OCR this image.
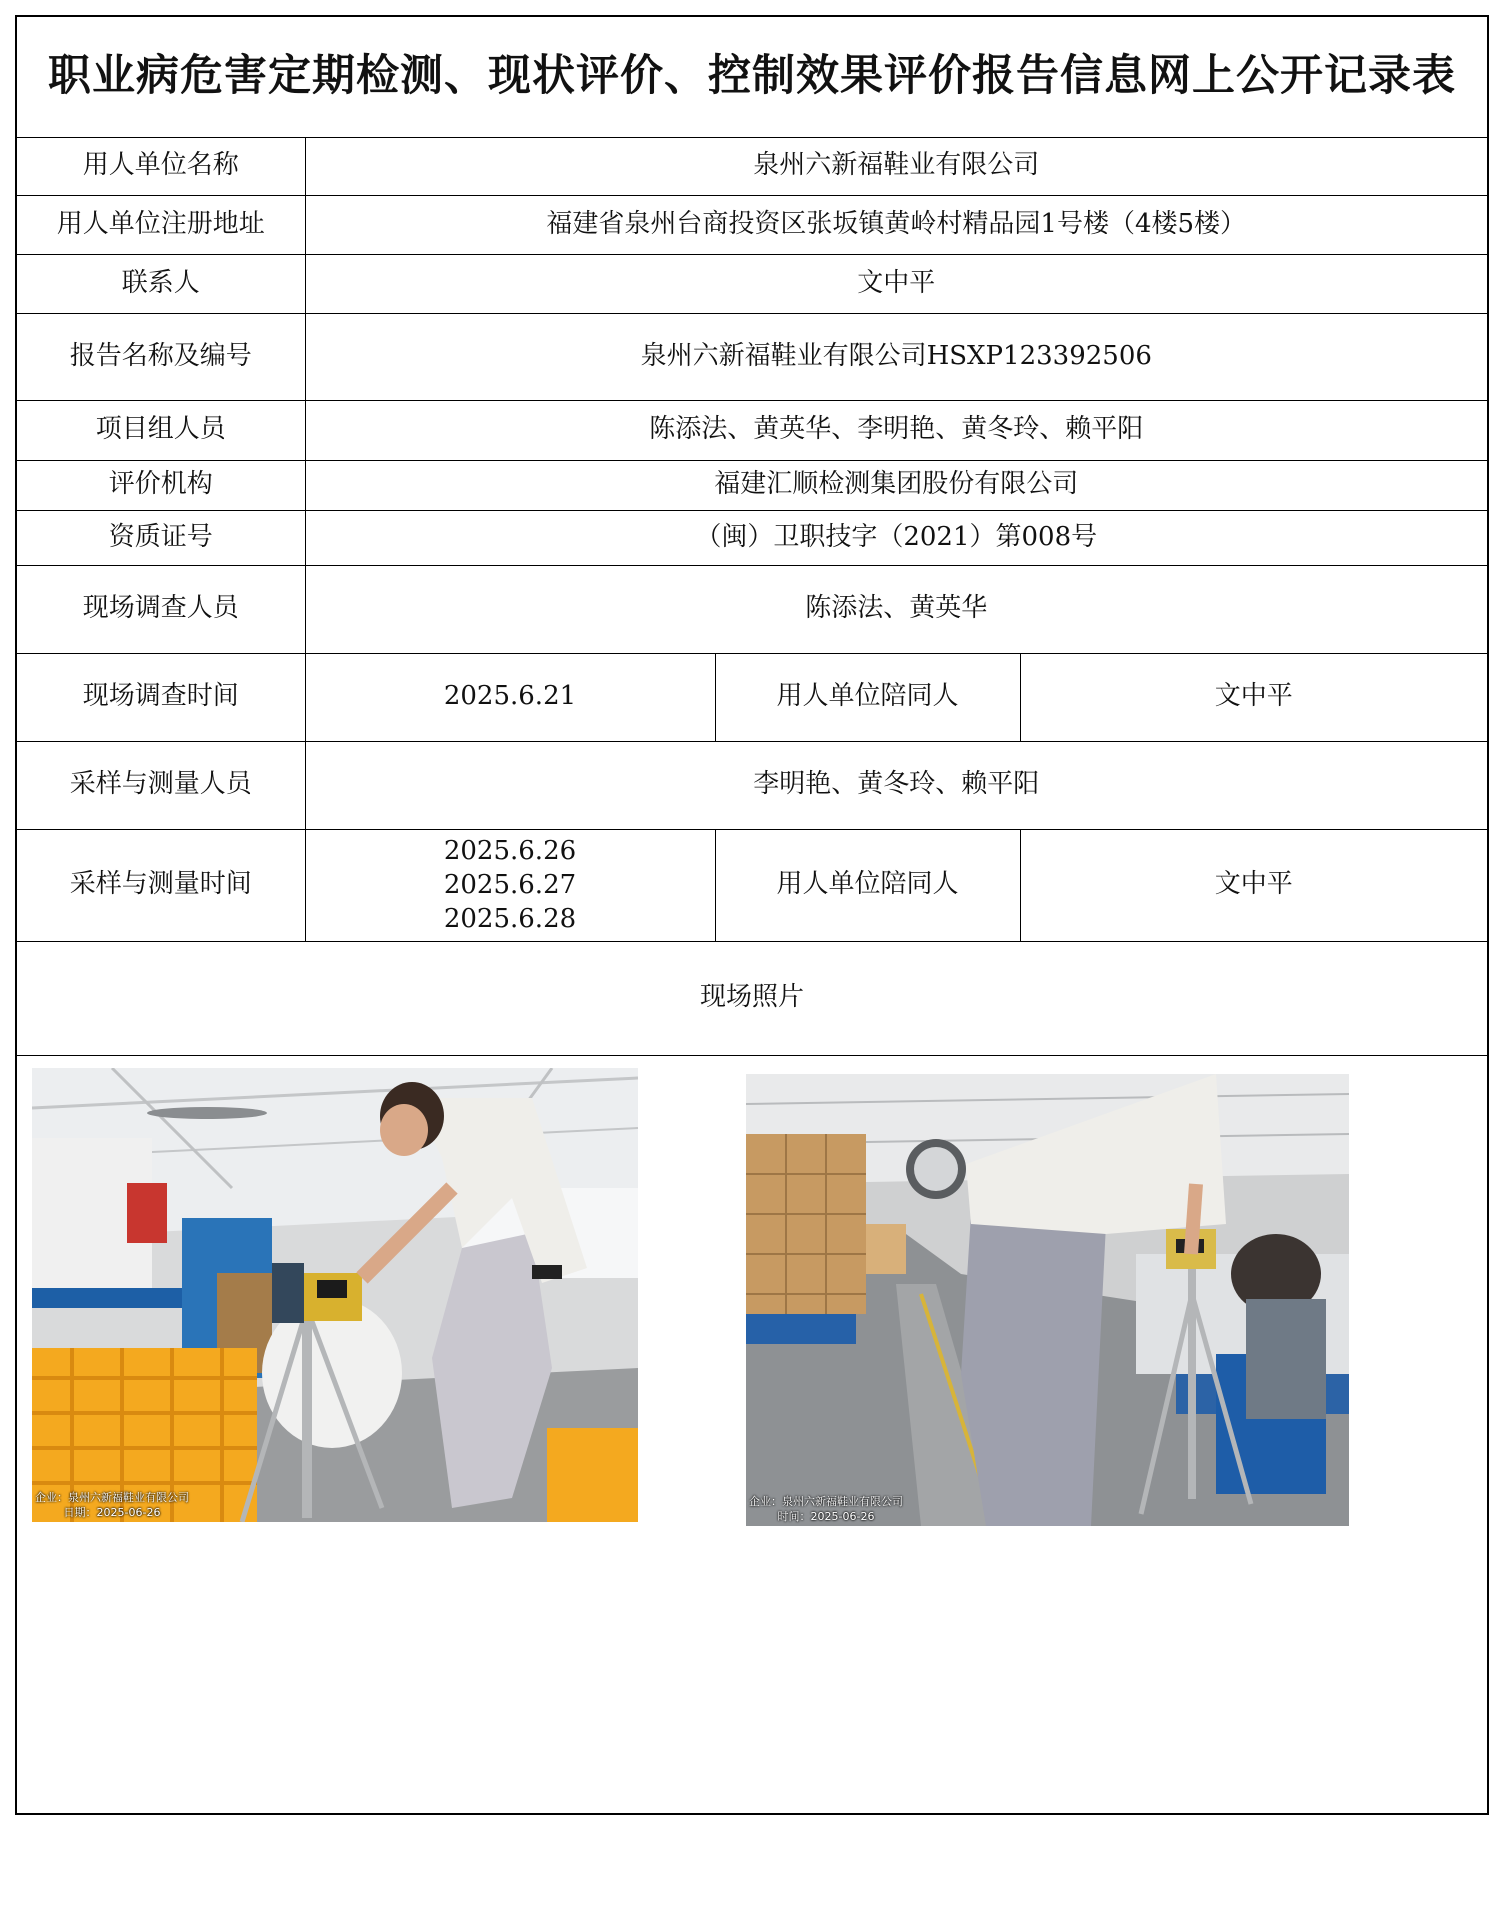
职业病危害定期检测、现状评价、控制效果评价报告信息网上公开记录表			
用人单位名称	泉州六新福鞋业有限公司		
用人单位注册地址	福建省泉州台商投资区张坂镇黄岭村精品园1号楼（4楼5楼）		
联系人	文中平		
报告名称及编号	泉州六新福鞋业有限公司HSXP123392506		
项目组人员	陈添法、黄英华、李明艳、黄冬玲、赖平阳		
评价机构	福建汇顺检测集团股份有限公司		
资质证号	（闽）卫职技字（2021）第008号		
现场调查人员	陈添法、黄英华		
现场调查时间	2025.6.21	用人单位陪同人	文中平
采样与测量人员	李明艳、黄冬玲、赖平阳		
采样与测量时间	2025.6.26
2025.6.27
2025.6.28	用人单位陪同人	文中平
现场照片			

企业：泉州六新福鞋业有限公司
日期：2025-06-26
企业：泉州六新福鞋业有限公司
时间：2025-06-26			
